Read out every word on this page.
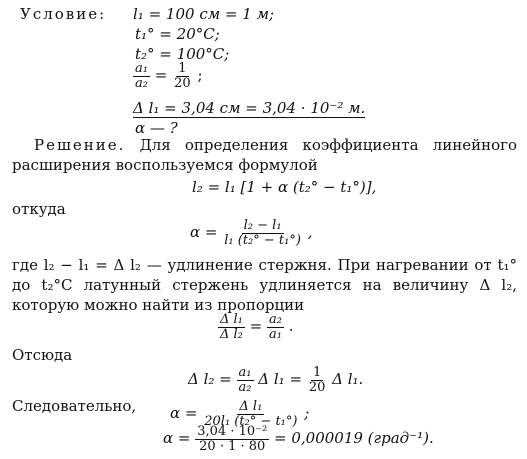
Условие: l₁ = 100 см = 1 м;
t₁° = 20°C;
t₂° = 100°C;
$\frac{\text{a₁}}{\text{a₂}} = \frac{1}{20}$ ;
Δ l₁ = 3,04 см = 3,04 · 10⁻² м.
α — ?
Решение. Для определения коэффициента линейного расширения воспользуемся формулой
l₂ = l₁ [1 + α (t₂° − t₁°)],
откуда
$\alpha = \frac{\text{l₂ − l₁}}{\text{l₁ (t₂° − t₁°)}}$ ,
где l₂ − l₁ = Δ l₂ — удлинение стержня. При нагревании от t₁° до t₂°С латунный стержень удлиняется на величину Δ l₂, которую можно найти из пропорции
$\frac{\text{Δ l₁}}{\text{Δ l₂}} = \frac{\text{a₂}}{\text{a₁}}$ .
Отсюда
Δ $l_2 = \frac{\text{a₁}}{\text{a₂}}$ Δ $l_1 = \frac{1}{20}$ Δ l₁.
Следовательно, $\alpha = \frac{\text{Δ l₁}}{\text{20l₁ (t₂° − t₁°)}}$ ;
$\alpha = \frac{\text{3,04 · 10⁻²}}{20 \cdot 1 \cdot 80} = 0,000019$ (град⁻¹).
